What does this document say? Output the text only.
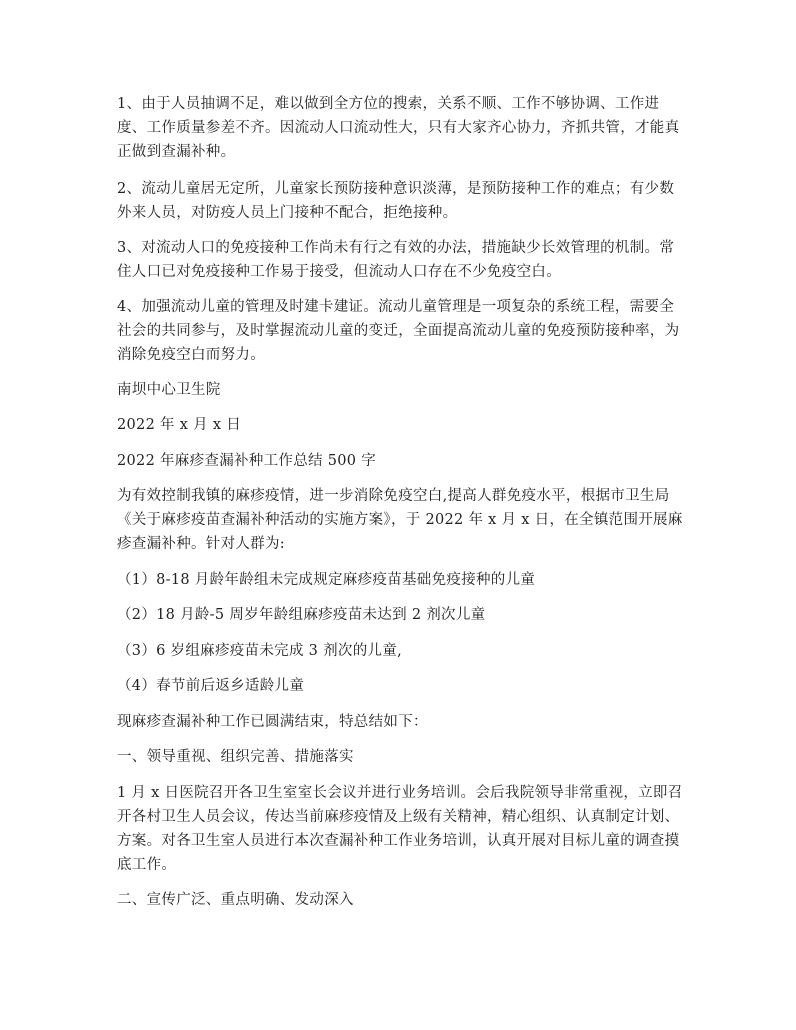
1、由于人员抽调不足，难以做到全方位的搜索，关系不顺、工作不够协调、工作进度、工作质量参差不齐。因流动人口流动性大，只有大家齐心协力，齐抓共管，才能真正做到查漏补种。

2、流动儿童居无定所，儿童家长预防接种意识淡薄，是预防接种工作的难点；有少数外来人员，对防疫人员上门接种不配合，拒绝接种。

3、对流动人口的免疫接种工作尚未有行之有效的办法，措施缺少长效管理的机制。常住人口已对免疫接种工作易于接受，但流动人口存在不少免疫空白。

4、加强流动儿童的管理及时建卡建证。流动儿童管理是一项复杂的系统工程，需要全社会的共同参与，及时掌握流动儿童的变迁，全面提高流动儿童的免疫预防接种率，为消除免疫空白而努力。

南坝中心卫生院

2022 年 x 月 x 日

2022 年麻疹查漏补种工作总结 500 字

为有效控制我镇的麻疹疫情，进一步消除免疫空白,提高人群免疫水平，根据市卫生局《关于麻疹疫苗查漏补种活动的实施方案》，于 2022 年 x 月 x 日，在全镇范围开展麻疹查漏补种。针对人群为:

（1）8-18 月龄年龄组未完成规定麻疹疫苗基础免疫接种的儿童

（2）18 月龄-5 周岁年龄组麻疹疫苗未达到 2 剂次儿童

（3）6 岁组麻疹疫苗未完成 3 剂次的儿童,

（4）春节前后返乡适龄儿童

现麻疹查漏补种工作已圆满结束，特总结如下：

一、领导重视、组织完善、措施落实

1 月 x 日医院召开各卫生室室长会议并进行业务培训。会后我院领导非常重视，立即召开各村卫生人员会议，传达当前麻疹疫情及上级有关精神，精心组织、认真制定计划、方案。对各卫生室人员进行本次查漏补种工作业务培训，认真开展对目标儿童的调查摸底工作。

二、宣传广泛、重点明确、发动深入
